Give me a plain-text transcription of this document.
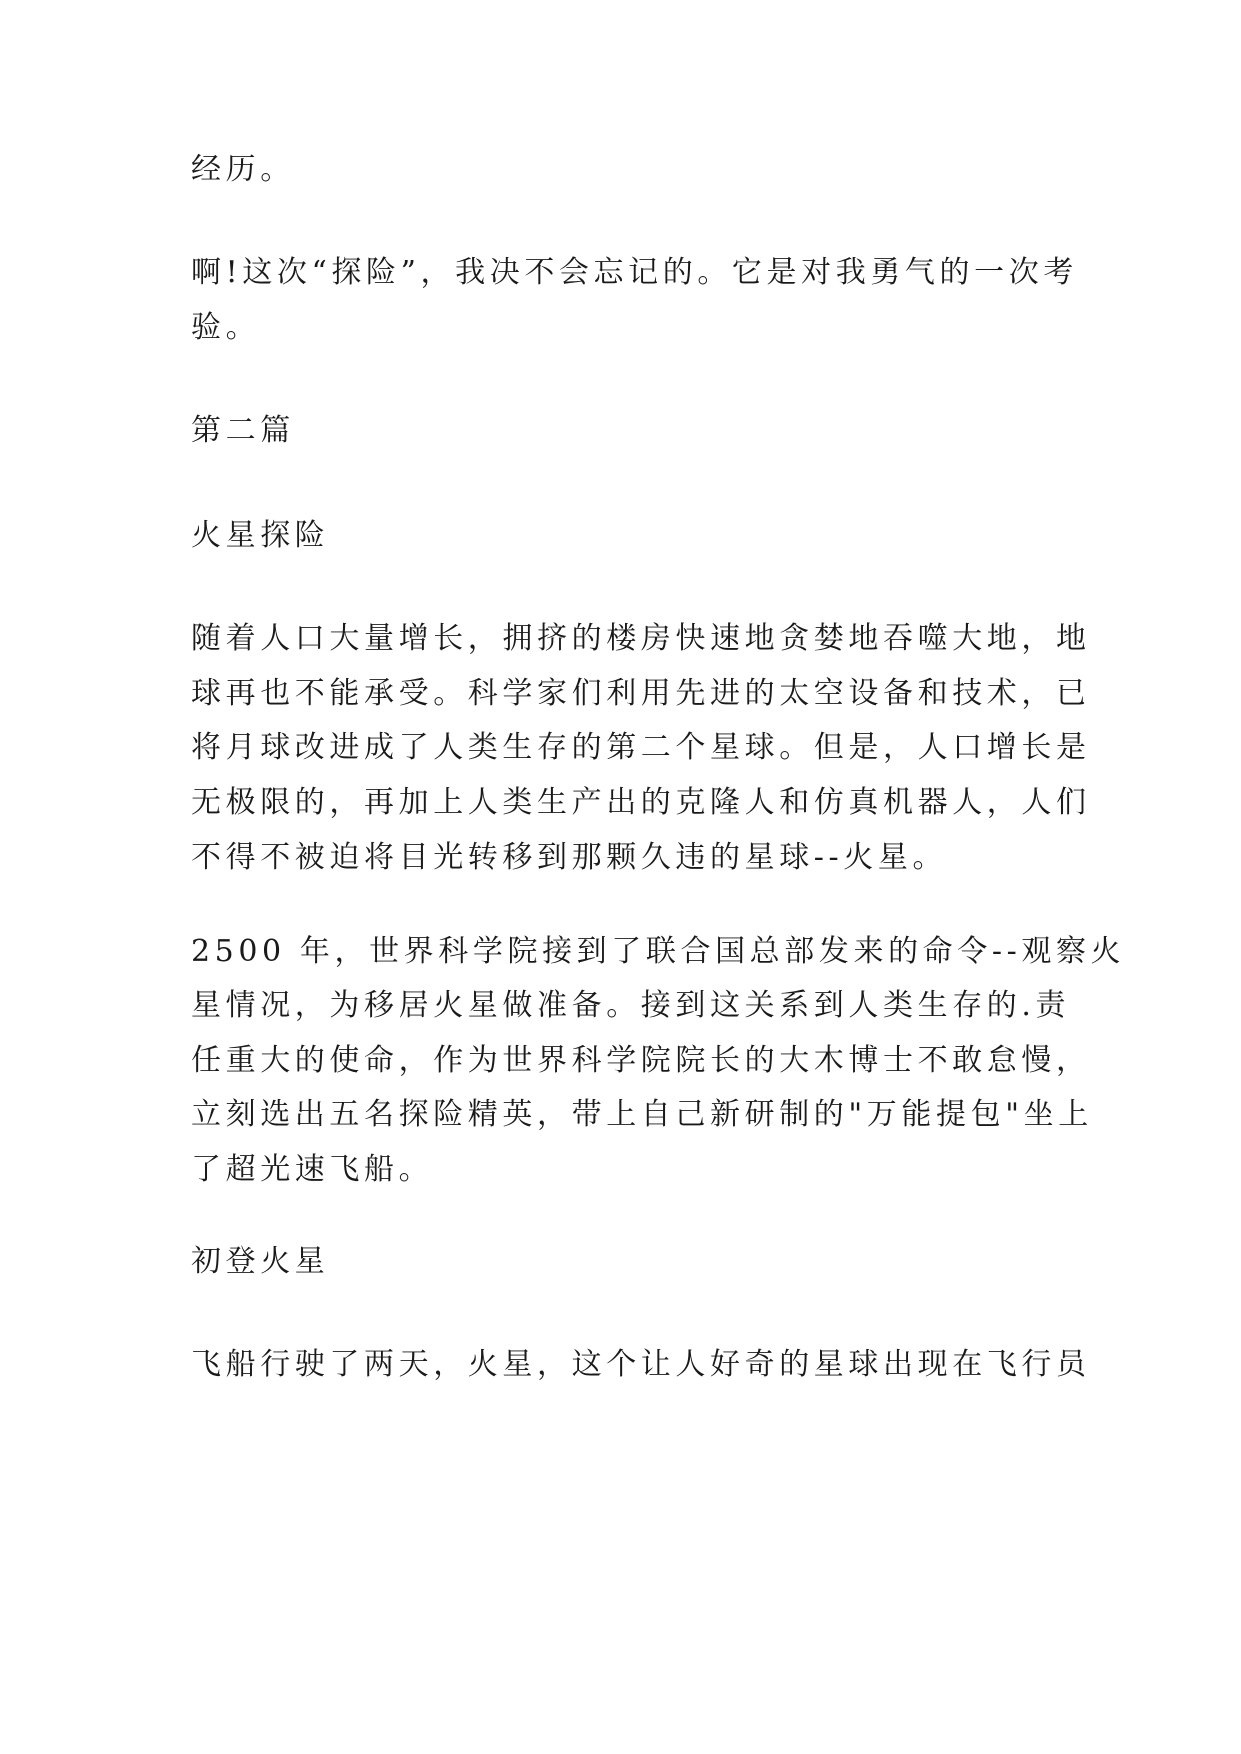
经历。
啊!这次“探险”，我决不会忘记的。它是对我勇气的一次考
验。
第二篇
火星探险
随着人口大量增长，拥挤的楼房快速地贪婪地吞噬大地，地
球再也不能承受。科学家们利用先进的太空设备和技术，已
将月球改进成了人类生存的第二个星球。但是，人口增长是
无极限的，再加上人类生产出的克隆人和仿真机器人，人们
不得不被迫将目光转移到那颗久违的星球--火星。
2500 年，世界科学院接到了联合国总部发来的命令--观察火
星情况，为移居火星做准备。接到这关系到人类生存的.责
任重大的使命，作为世界科学院院长的大木博士不敢怠慢，
立刻选出五名探险精英，带上自己新研制的"万能提包"坐上
了超光速飞船。
初登火星
飞船行驶了两天，火星，这个让人好奇的星球出现在飞行员
